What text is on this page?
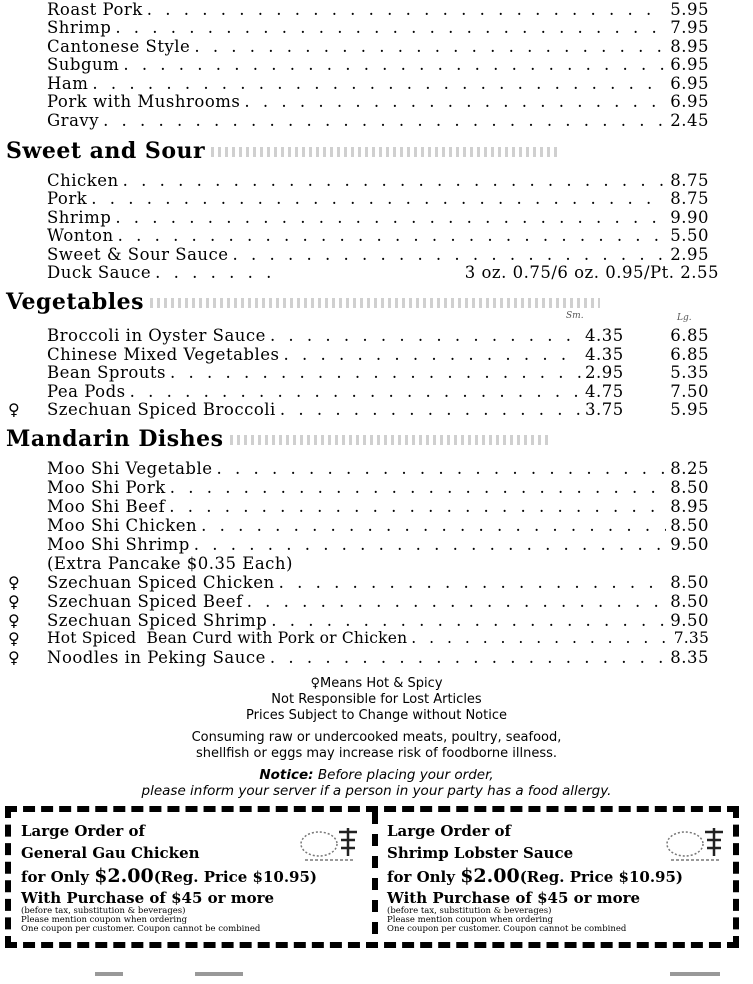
Roast Pork . . .	5.95
Shrimp . . .	7.95
Cantonese Style . . .	8.95
Subgum . . .	6.95
Ham . . .	6.95
Pork with Mushrooms . . .	6.95
Gravy . . .	2.45
Sweet and Sour
Chicken . . .	8.75
Pork . . .	8.75
Shrimp . . .	9.90
Wonton . . .	5.50
Sweet & Sour Sauce . . .	2.95
Duck Sauce . . .	3 oz. 0.75/6 oz. 0.95/Pt. 2.55
Vegetables
Sm.	Lg.
Broccoli in Oyster Sauce . . .	4.35	6.85
Chinese Mixed Vegetables . . .	4.35	6.85
Bean Sprouts . . .	2.95	5.35
Pea Pods . . .	4.75	7.50
♀ Szechuan Spiced Broccoli . . .	3.75	5.95
Mandarin Dishes
Moo Shi Vegetable . . .	8.25
Moo Shi Pork . . .	8.50
Moo Shi Beef . . .	8.95
Moo Shi Chicken . . .	8.50
Moo Shi Shrimp . . .	9.50
(Extra Pancake $0.35 Each)
♀ Szechuan Spiced Chicken . . .	8.50
♀ Szechuan Spiced Beef . . .	8.50
♀ Szechuan Spiced Shrimp . . .	9.50
♀ Hot Spiced  Bean Curd with Pork or Chicken . . .	7.35
♀ Noodles in Peking Sauce . . .	8.35
♀Means Hot & Spicy
Not Responsible for Lost Articles
Prices Subject to Change without Notice
Consuming raw or undercooked meats, poultry, seafood,
shellfish or eggs may increase risk of foodborne illness.
Notice: Before placing your order,
please inform your server if a person in your party has a food allergy.
Large Order of
General Gau Chicken
for Only $2.00(Reg. Price $10.95)
With Purchase of $45 or more
(before tax, substitution & beverages)
Please mention coupon when ordering
One coupon per customer. Coupon cannot be combined
Large Order of
Shrimp Lobster Sauce
for Only $2.00(Reg. Price $10.95)
With Purchase of $45 or more
(before tax, substitution & beverages)
Please mention coupon when ordering
One coupon per customer. Coupon cannot be combined
